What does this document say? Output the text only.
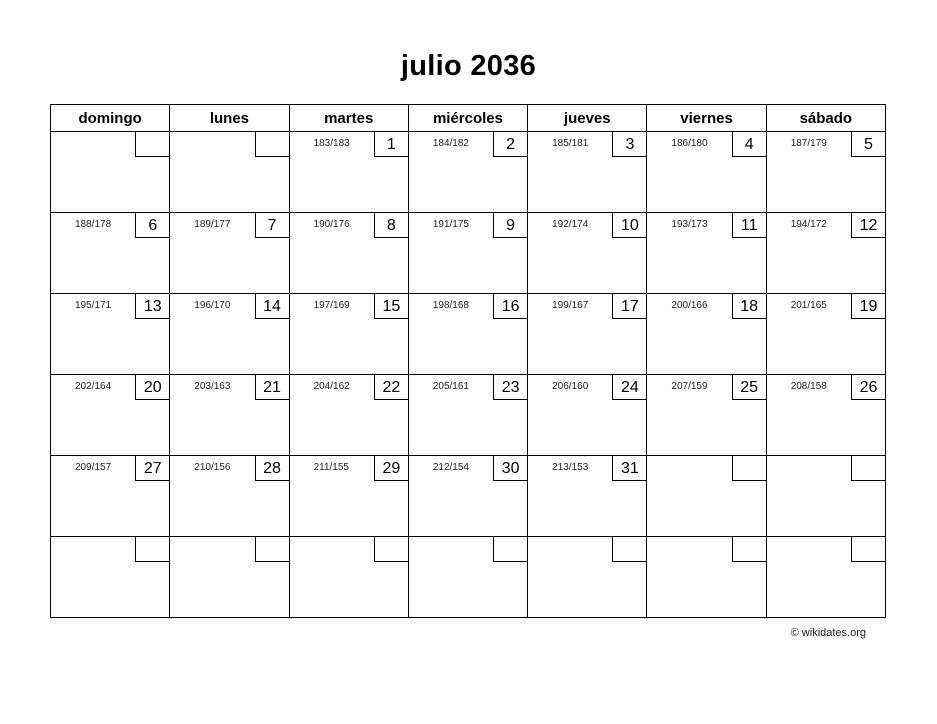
julio 2036
domingo	lunes	martes	miércoles	jueves	viernes	sábado

		183/183 1	184/182 2	185/181 3	186/180 4	187/179 5

188/178 6	189/177 7	190/176 8	191/175 9	192/174 10	193/173 11	194/172 12

195/171 13	196/170 14	197/169 15	198/168 16	199/167 17	200/166 18	201/165 19

202/164 20	203/163 21	204/162 22	205/161 23	206/160 24	207/159 25	208/158 26

209/157 27	210/156 28	211/155 29	212/154 30	213/153 31		

© wikidates.org
